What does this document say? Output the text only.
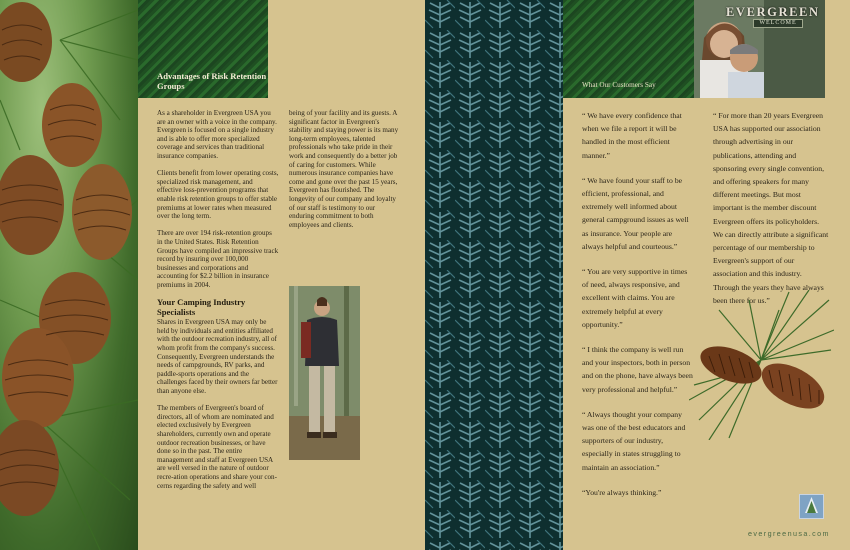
Advantages of Risk Retention Groups

As a shareholder in Evergreen USA you are an owner with a voice in the company. Evergreen is focused on a single industry and is able to offer more specialized coverage and services than traditional insurance companies.

Clients benefit from lower operating costs, specialized risk management, and effective loss-prevention programs that enable risk retention groups to offer stable premiums at lower rates when measured over the long term.

There are over 194 risk-retention groups in the United States. Risk Retention Groups have compiled an impressive track record by insuring over 100,000 businesses and corporations and accounting for $2.2 billion in insurance premiums in 2004.

Your Camping Industry Specialists

Shares in Evergreen USA may only be held by individuals and entities affiliated with the outdoor recreation industry, all of whom profit from the company's success. Consequently, Evergreen understands the needs of campgrounds, RV parks, and paddle-sports operations and the challenges faced by their owners far better than anyone else.

The members of Evergreen's board of directors, all of whom are nominated and elected exclusively by Evergreen shareholders, currently own and operate outdoor recreation businesses, or have done so in the past. The entire management and staff at Evergreen USA are well versed in the nature of outdoor recre-ation operations and share your con-cerns regarding the safety and well

being of your facility and its guests. A significant factor in Evergreen's stability and staying power is its many long-term employees, talented professionals who take pride in their work and consequently do a better job of caring for customers. While numerous insurance companies have come and gone over the past 15 years, Evergreen has flourished. The longevity of our company and loyalty of our staff is testimony to our enduring commitment to both employees and clients.

What Our Customers Say
EVERGREEN
WELCOME

“ We have every confidence that when we file a report it will be handled in the most efficient manner.”

“ We have found your staff to be efficient, professional, and extremely well informed about general campground issues as well as insurance. Your people are always helpful and courteous.”

“ You are very supportive in times of need, always responsive, and excellent with claims. You are extremely helpful at every opportunity.”

“ I think the company is well run and your inspectors, both in person and on the phone, have always been very professional and helpful.”

“ Always thought your company was one of the best educators and supporters of our industry, especially in states struggling to maintain an association.”

“You're always thinking.”

“ For more than 20 years Evergreen USA has supported our association through advertising in our publications, attending and sponsoring every single convention, and offering speakers for many different meetings. But most important is the member discount Evergreen offers its policyholders. We can directly attribute a significant percentage of our membership to Evergreen's support of our association and this industry. Through the years they have always been there for us.”

evergreenusa.com
